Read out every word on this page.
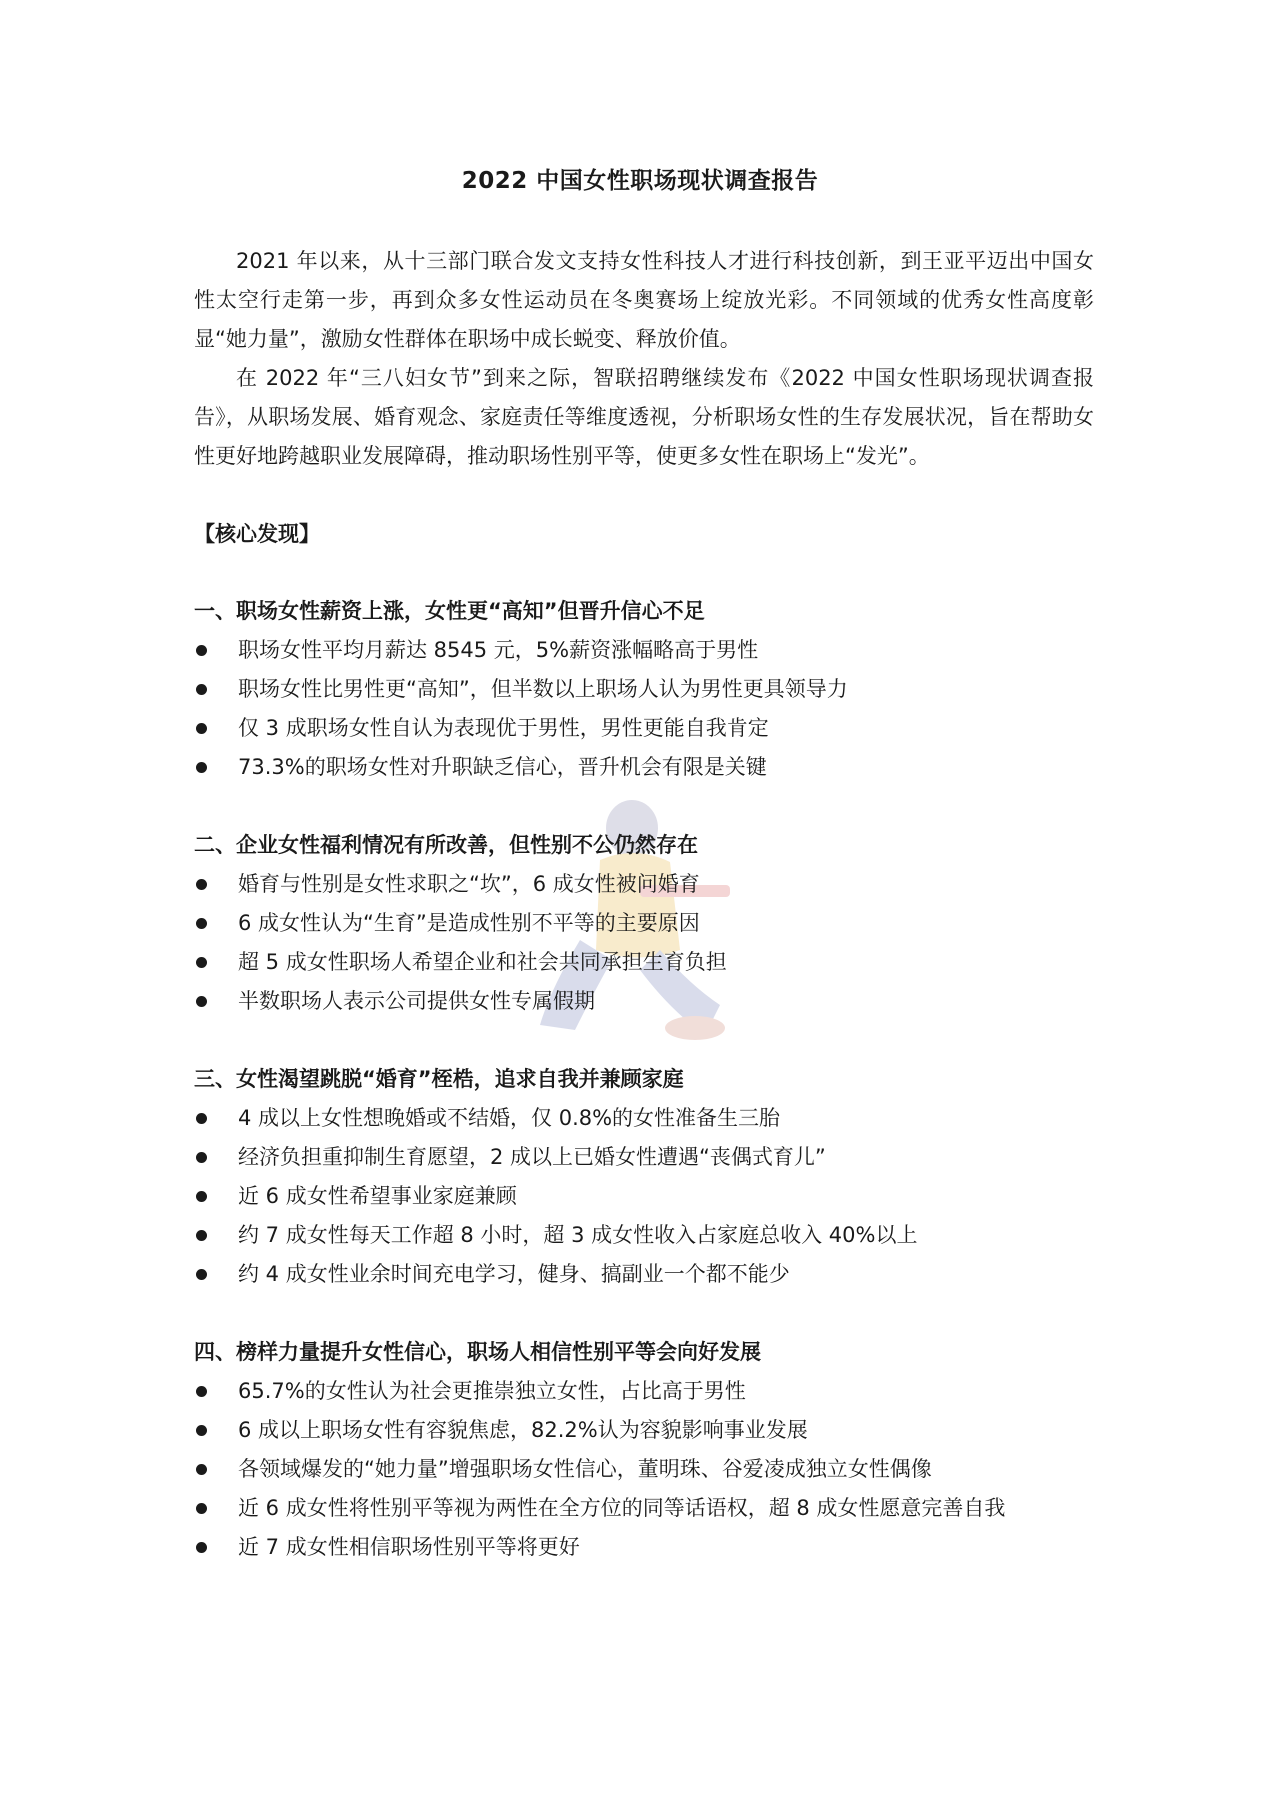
2022 中国女性职场现状调查报告

2021 年以来，从十三部门联合发文支持女性科技人才进行科技创新，到王亚平迈出中国女性太空行走第一步，再到众多女性运动员在冬奥赛场上绽放光彩。不同领域的优秀女性高度彰显“她力量”，激励女性群体在职场中成长蜕变、释放价值。

在 2022 年“三八妇女节”到来之际，智联招聘继续发布《2022 中国女性职场现状调查报告》，从职场发展、婚育观念、家庭责任等维度透视，分析职场女性的生存发展状况，旨在帮助女性更好地跨越职业发展障碍，推动职场性别平等，使更多女性在职场上“发光”。

【核心发现】
一、职场女性薪资上涨，女性更“高知”但晋升信心不足
职场女性平均月薪达 8545 元，5%薪资涨幅略高于男性
职场女性比男性更“高知”，但半数以上职场人认为男性更具领导力
仅 3 成职场女性自认为表现优于男性，男性更能自我肯定
73.3%的职场女性对升职缺乏信心，晋升机会有限是关键
二、企业女性福利情况有所改善，但性别不公仍然存在
婚育与性别是女性求职之“坎”，6 成女性被问婚育
6 成女性认为“生育”是造成性别不平等的主要原因
超 5 成女性职场人希望企业和社会共同承担生育负担
半数职场人表示公司提供女性专属假期
三、女性渴望跳脱“婚育”桎梏，追求自我并兼顾家庭
4 成以上女性想晚婚或不结婚，仅 0.8%的女性准备生三胎
经济负担重抑制生育愿望，2 成以上已婚女性遭遇“丧偶式育儿”
近 6 成女性希望事业家庭兼顾
约 7 成女性每天工作超 8 小时，超 3 成女性收入占家庭总收入 40%以上
约 4 成女性业余时间充电学习，健身、搞副业一个都不能少
四、榜样力量提升女性信心，职场人相信性别平等会向好发展
65.7%的女性认为社会更推崇独立女性，占比高于男性
6 成以上职场女性有容貌焦虑，82.2%认为容貌影响事业发展
各领域爆发的“她力量”增强职场女性信心，董明珠、谷爱凌成独立女性偶像
近 6 成女性将性别平等视为两性在全方位的同等话语权，超 8 成女性愿意完善自我
近 7 成女性相信职场性别平等将更好
